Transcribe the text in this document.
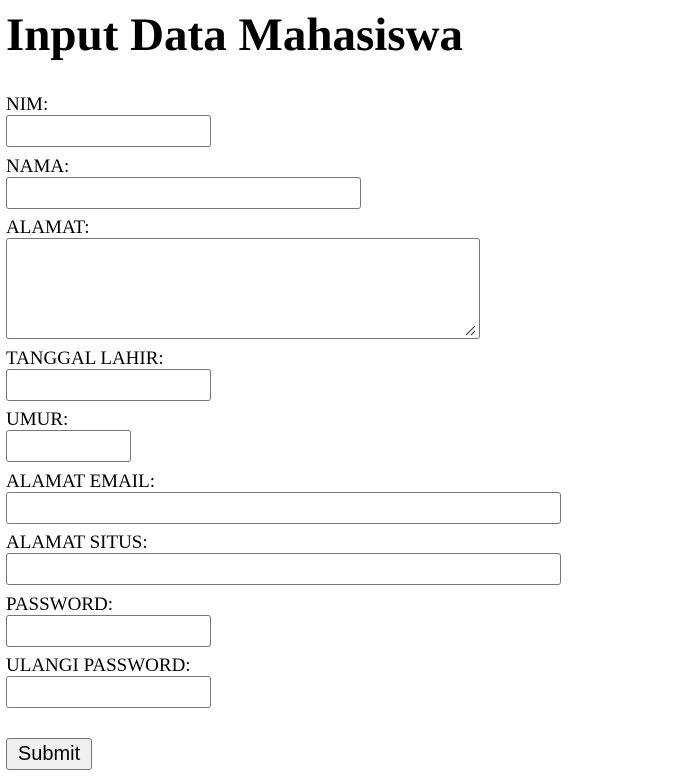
Input Data Mahasiswa
NIM:
NAMA:
ALAMAT:
TANGGAL LAHIR:
UMUR:
ALAMAT EMAIL:
ALAMAT SITUS:
PASSWORD:
ULANGI PASSWORD:
Submit
